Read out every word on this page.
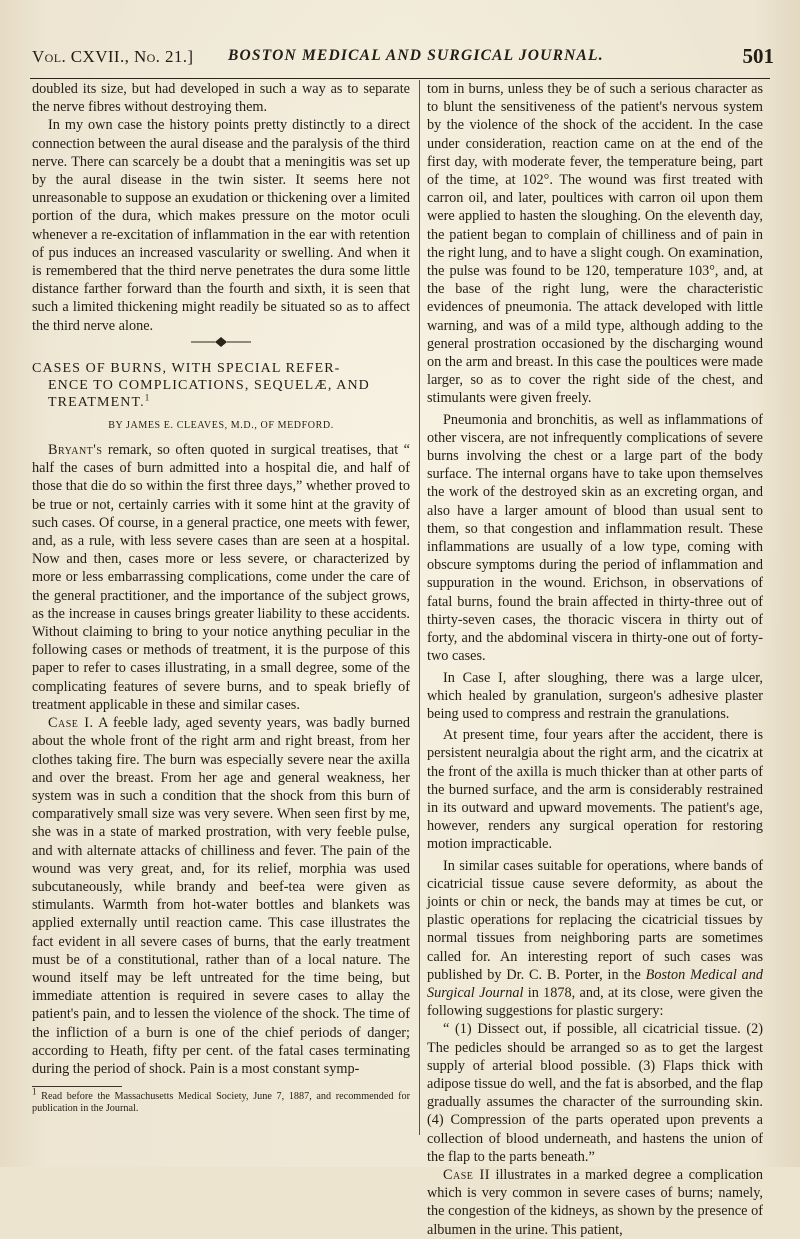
Vol. CXVII., No. 21.] BOSTON MEDICAL AND SURGICAL JOURNAL.	501

doubled its size, but had developed in such a way as to separate the nerve fibres without destroying them.

In my own case the history points pretty distinctly to a direct connection between the aural disease and the paralysis of the third nerve. There can scarcely be a doubt that a meningitis was set up by the aural disease in the twin sister. It seems here not unreasonable to suppose an exudation or thickening over a limited portion of the dura, which makes pressure on the motor oculi whenever a re-excitation of inflammation in the ear with retention of pus induces an increased vascularity or swelling. And when it is remembered that the third nerve penetrates the dura some little distance farther forward than the fourth and sixth, it is seen that such a limited thickening might readily be situated so as to affect the third nerve alone.

CASES OF BURNS, WITH SPECIAL REFER-
ENCE TO COMPLICATIONS, SEQUELÆ, AND
TREATMENT.$^1$
BY JAMES E. CLEAVES, M.D., OF MEDFORD.

Bryant's remark, so often quoted in surgical treatises, that “ half the cases of burn admitted into a hospital die, and half of those that die do so within the first three days,” whether proved to be true or not, certainly carries with it some hint at the gravity of such cases. Of course, in a general practice, one meets with fewer, and, as a rule, with less severe cases than are seen at a hospital. Now and then, cases more or less severe, or characterized by more or less embarrassing complications, come under the care of the general practitioner, and the importance of the subject grows, as the increase in causes brings greater liability to these accidents. Without claiming to bring to your notice anything peculiar in the following cases or methods of treatment, it is the purpose of this paper to refer to cases illustrating, in a small degree, some of the complicating features of severe burns, and to speak briefly of treatment applicable in these and similar cases.

Case I. A feeble lady, aged seventy years, was badly burned about the whole front of the right arm and right breast, from her clothes taking fire. The burn was especially severe near the axilla and over the breast. From her age and general weakness, her system was in such a condition that the shock from this burn of comparatively small size was very severe. When seen first by me, she was in a state of marked prostration, with very feeble pulse, and with alternate attacks of chilliness and fever. The pain of the wound was very great, and, for its relief, morphia was used subcutaneously, while brandy and beef-tea were given as stimulants. Warmth from hot-water bottles and blankets was applied externally until reaction came. This case illustrates the fact evident in all severe cases of burns, that the early treatment must be of a constitutional, rather than of a local nature. The wound itself may be left untreated for the time being, but immediate attention is required in severe cases to allay the patient's pain, and to lessen the violence of the shock. The time of the infliction of a burn is one of the chief periods of danger; according to Heath, fifty per cent. of the fatal cases terminating during the period of shock. Pain is a most constant symp-

1 Read before the Massachusetts Medical Society, June 7, 1887, and recommended for publication in the Journal.

tom in burns, unless they be of such a serious character as to blunt the sensitiveness of the patient's nervous system by the violence of the shock of the accident. In the case under consideration, reaction came on at the end of the first day, with moderate fever, the temperature being, part of the time, at 102°. The wound was first treated with carron oil, and later, poultices with carron oil upon them were applied to hasten the sloughing. On the eleventh day, the patient began to complain of chilliness and of pain in the right lung, and to have a slight cough. On examination, the pulse was found to be 120, temperature 103°, and, at the base of the right lung, were the characteristic evidences of pneumonia. The attack developed with little warning, and was of a mild type, although adding to the general prostration occasioned by the discharging wound on the arm and breast. In this case the poultices were made larger, so as to cover the right side of the chest, and stimulants were given freely.

Pneumonia and bronchitis, as well as inflammations of other viscera, are not infrequently complications of severe burns involving the chest or a large part of the body surface. The internal organs have to take upon themselves the work of the destroyed skin as an excreting organ, and also have a larger amount of blood than usual sent to them, so that congestion and inflammation result. These inflammations are usually of a low type, coming with obscure symptoms during the period of inflammation and suppuration in the wound. Erichson, in observations of fatal burns, found the brain affected in thirty-three out of thirty-seven cases, the thoracic viscera in thirty out of forty, and the abdominal viscera in thirty-one out of forty-two cases.

In Case I, after sloughing, there was a large ulcer, which healed by granulation, surgeon's adhesive plaster being used to compress and restrain the granulations.

At present time, four years after the accident, there is persistent neuralgia about the right arm, and the cicatrix at the front of the axilla is much thicker than at other parts of the burned surface, and the arm is considerably restrained in its outward and upward movements. The patient's age, however, renders any surgical operation for restoring motion impracticable.

In similar cases suitable for operations, where bands of cicatricial tissue cause severe deformity, as about the joints or chin or neck, the bands may at times be cut, or plastic operations for replacing the cicatricial tissues by normal tissues from neighboring parts are sometimes called for. An interesting report of such cases was published by Dr. C. B. Porter, in the Boston Medical and Surgical Journal in 1878, and, at its close, were given the following suggestions for plastic surgery:

“ (1) Dissect out, if possible, all cicatricial tissue. (2) The pedicles should be arranged so as to get the largest supply of arterial blood possible. (3) Flaps thick with adipose tissue do well, and the fat is absorbed, and the flap gradually assumes the character of the surrounding skin. (4) Compression of the parts operated upon prevents a collection of blood underneath, and hastens the union of the flap to the parts beneath.”

Case II illustrates in a marked degree a complication which is very common in severe cases of burns; namely, the congestion of the kidneys, as shown by the presence of albumen in the urine. This patient,
